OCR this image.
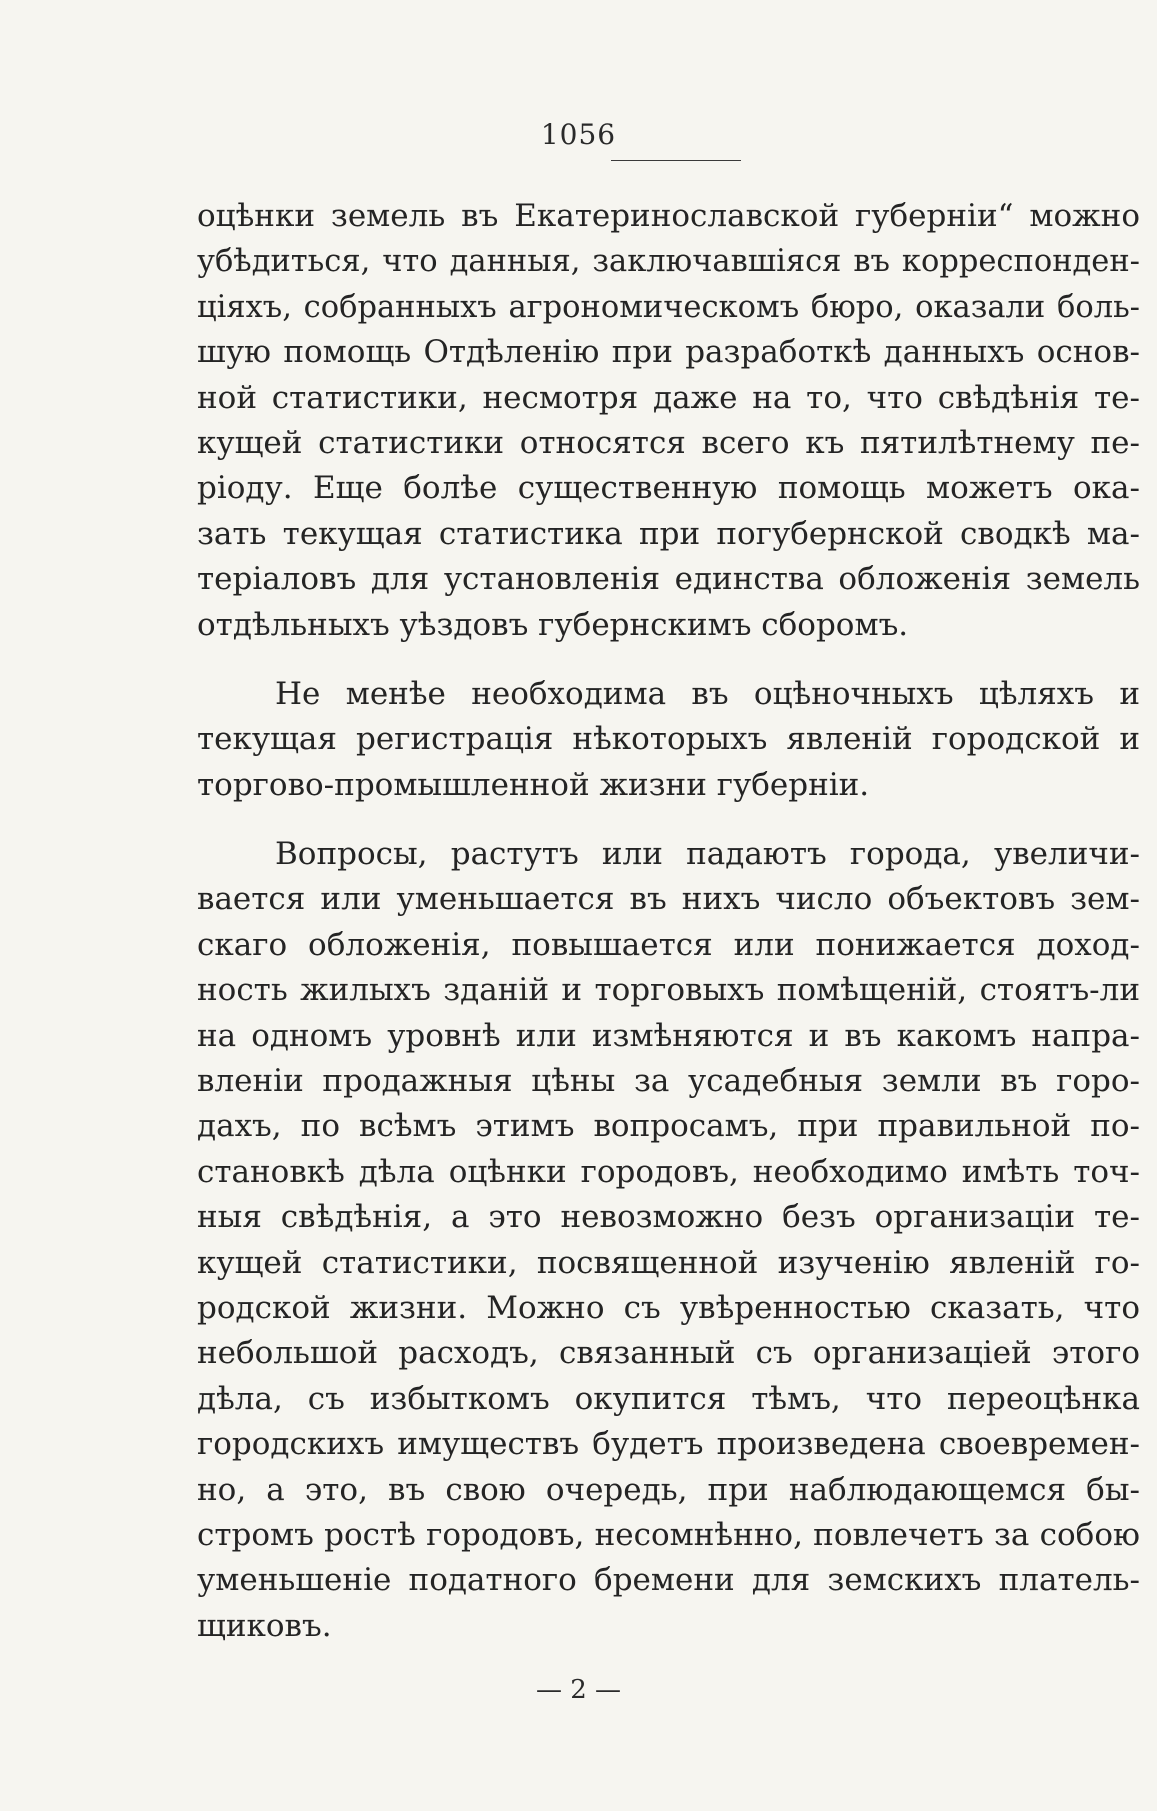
1056
оцѣнки земель въ Екатеринославской губерніи“ можно
убѣдиться, что данныя, заключавшіяся въ корреспонден-
ціяхъ, собранныхъ агрономическомъ бюро, оказали боль-
шую помощь Отдѣленію при разработкѣ данныхъ основ-
ной статистики, несмотря даже на то, что свѣдѣнія те-
кущей статистики относятся всего къ пятилѣтнему пе-
ріоду. Еще болѣе существенную помощь можетъ ока-
зать текущая статистика при погубернской сводкѣ ма-
теріаловъ для установленія единства обложенія земель
отдѣльныхъ уѣздовъ губернскимъ сборомъ.
Не менѣе необходима въ оцѣночныхъ цѣляхъ и
текущая регистрація нѣкоторыхъ явленій городской и
торгово-промышленной жизни губерніи.
Вопросы, растутъ или падаютъ города, увеличи-
вается или уменьшается въ нихъ число объектовъ зем-
скаго обложенія, повышается или понижается доход-
ность жилыхъ зданій и торговыхъ помѣщеній, стоятъ-ли
на одномъ уровнѣ или измѣняются и въ какомъ напра-
вленіи продажныя цѣны за усадебныя земли въ горо-
дахъ, по всѣмъ этимъ вопросамъ, при правильной по-
становкѣ дѣла оцѣнки городовъ, необходимо имѣть точ-
ныя свѣдѣнія, а это невозможно безъ организаціи те-
кущей статистики, посвященной изученію явленій го-
родской жизни. Можно съ увѣренностью сказать, что
небольшой расходъ, связанный съ организаціей этого
дѣла, съ избыткомъ окупится тѣмъ, что переоцѣнка
городскихъ имуществъ будетъ произведена своевремен-
но, а это, въ свою очередь, при наблюдающемся бы-
стромъ ростѣ городовъ, несомнѣнно, повлечетъ за собою
уменьшеніе податного бремени для земскихъ платель-
щиковъ.
— 2 —
